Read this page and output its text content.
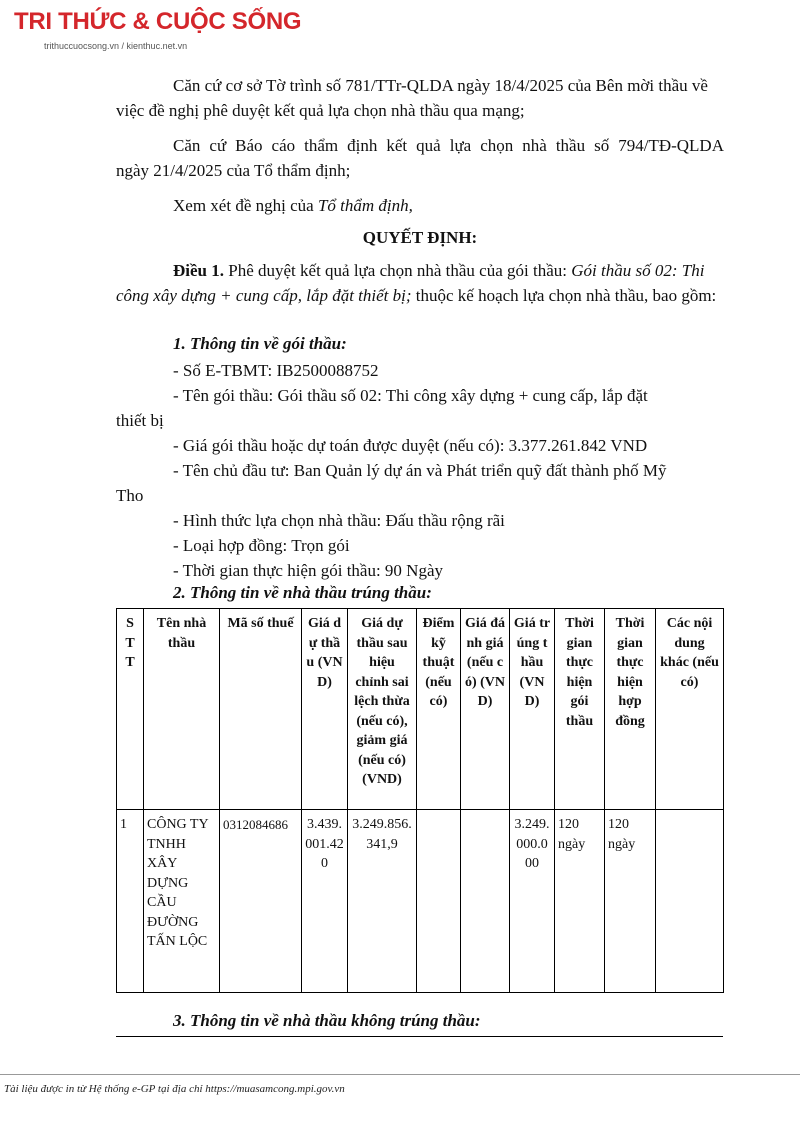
TRI THỨC & CUỘC SỐNG
trithuccuocsong.vn / kienthuc.net.vn

Căn cứ cơ sở Tờ trình số 781/TTr-QLDA ngày 18/4/2025 của Bên mời thầu về việc đề nghị phê duyệt kết quả lựa chọn nhà thầu qua mạng;

Căn cứ Báo cáo thẩm định kết quả lựa chọn nhà thầu số 794/TĐ-QLDA

ngày 21/4/2025 của Tổ thẩm định;

Xem xét đề nghị của Tổ thẩm định,

QUYẾT ĐỊNH:

Điều 1. Phê duyệt kết quả lựa chọn nhà thầu của gói thầu: Gói thầu số 02: Thi công xây dựng + cung cấp, lắp đặt thiết bị; thuộc kế hoạch lựa chọn nhà thầu, bao gồm:

1. Thông tin về gói thầu:
- Số E-TBMT: IB2500088752
- Tên gói thầu: Gói thầu số 02: Thi công xây dựng + cung cấp, lắp đặt
thiết bị
- Giá gói thầu hoặc dự toán được duyệt (nếu có): 3.377.261.842 VND
- Tên chủ đầu tư: Ban Quản lý dự án và Phát triển quỹ đất thành phố Mỹ
Tho
- Hình thức lựa chọn nhà thầu: Đấu thầu rộng rãi
- Loại hợp đồng: Trọn gói
- Thời gian thực hiện gói thầu: 90 Ngày
2. Thông tin về nhà thầu trúng thầu:
STT	Tên nhà thầu	Mã số thuế	Giá dự thầu (VND)	Giá dự thầu sau hiệu chỉnh sai lệch thừa (nếu có), giảm giá (nếu có) (VND)	Điểm kỹ thuật (nếu có)	Giá đánh giá (nếu có) (VND)	Giá trúng thầu (VND)	Thời gian thực hiện gói thầu	Thời gian thực hiện hợp đồng	Các nội dung khác (nếu có)
1	CÔNG TY TNHH XÂY DỰNG CẦU ĐƯỜNG TẤN LỘC	0312084686	3.439.001.420	3.249.856.341,9			3.249.000.000	120 ngày	120 ngày	
3. Thông tin về nhà thầu không trúng thầu:
Tài liệu được in từ Hệ thống e-GP tại địa chỉ https://muasamcong.mpi.gov.vn
